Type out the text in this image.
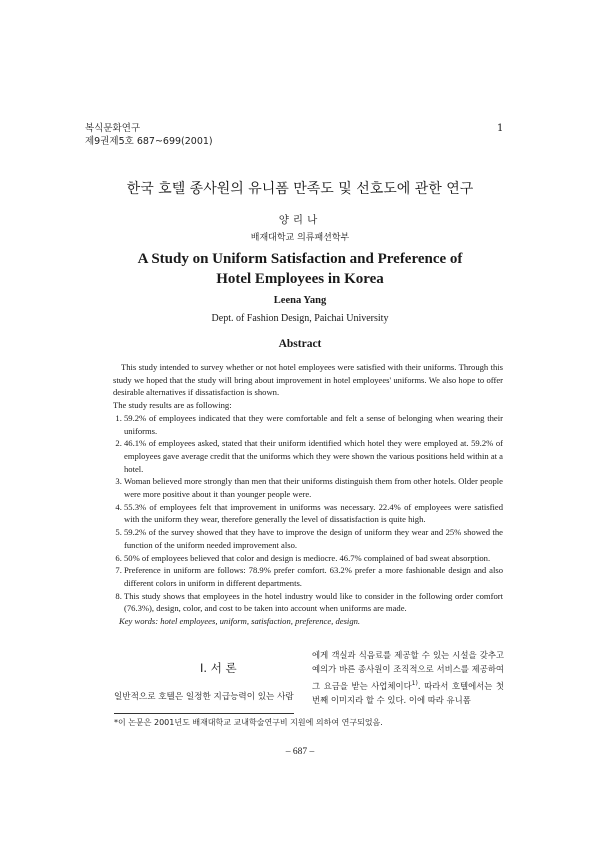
복식문화연구
제9권제5호 687~699(2001)
1
한국 호텔 종사원의 유니폼 만족도 및 선호도에 관한 연구
양리나
배재대학교 의류패션학부
A Study on Uniform Satisfaction and Preference of
Hotel Employees in Korea
Leena Yang
Dept. of Fashion Design, Paichai University
Abstract

This study intended to survey whether or not hotel employees were satisfied with their uniforms. Through this study we hoped that the study will bring about improvement in hotel employees' uniforms. We also hope to offer desirable alternatives if dissatisfaction is shown.

The study results are as following:

1. 59.2% of employees indicated that they were comfortable and felt a sense of belonging when wearing their uniforms.
2. 46.1% of employees asked, stated that their uniform identified which hotel they were employed at. 59.2% of employees gave average credit that the uniforms which they were shown the various positions held within at a hotel.
3. Woman believed more strongly than men that their uniforms distinguish them from other hotels. Older people were more positive about it than younger people were.
4. 55.3% of employees felt that improvement in uniforms was necessary. 22.4% of employees were satisfied with the uniform they wear, therefore generally the level of dissatisfaction is quite high.
5. 59.2% of the survey showed that they have to improve the design of uniform they wear and 25% showed the function of the uniform needed improvement also.
6. 50% of employees believed that color and design is mediocre. 46.7% complained of bad sweat absorption.
7. Preference in uniform are follows: 78.9% prefer comfort. 63.2% prefer a more fashionable design and also different colors in uniform in different departments.
8. This study shows that employees in the hotel industry would like to consider in the following order comfort (76.3%), design, color, and cost to be taken into account when uniforms are made.

Key words: hotel employees, uniform, satisfaction, preference, design.

Ⅰ. 서 론
일반적으로 호텔은 일정한 지급능력이 있는 사람

에게 객실과 식음료를 제공할 수 있는 시설을 갖추고 예의가 바른 종사원이 조직적으로 서비스를 제공하여 그 요금을 받는 사업체이다$^{1)}$. 따라서 호텔에서는 첫 번째 이미지라 할 수 있다. 이에 따라 유니폼

*이 논문은 2001년도 배재대학교 교내학술연구비 지원에 의하여 연구되었음.
– 687 –
